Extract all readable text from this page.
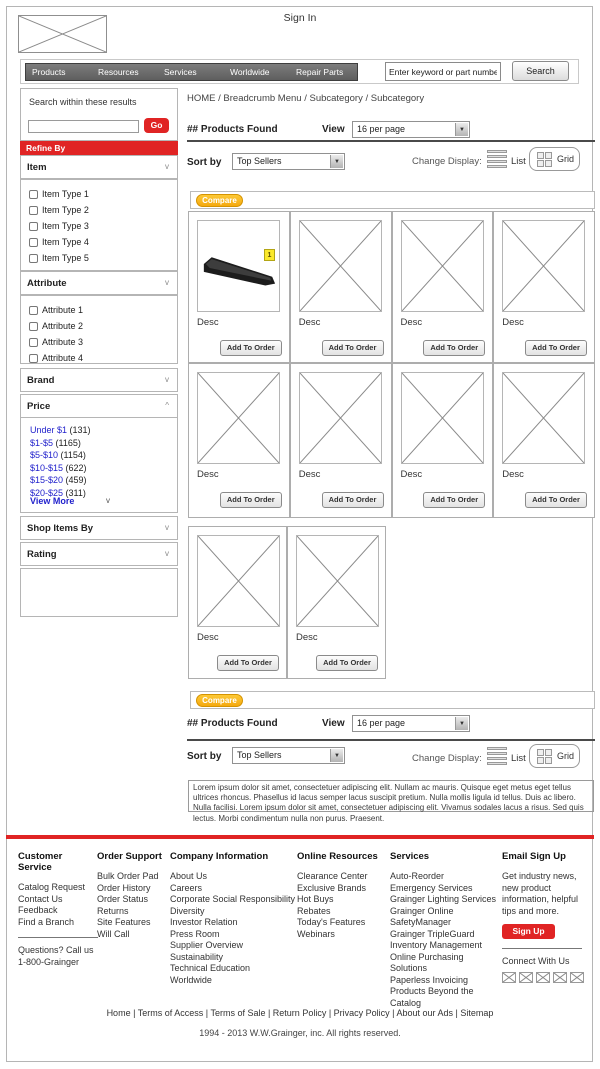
Sign In
Products	Resources	Services	Worldwide	Repair Parts
Enter keyword or part number	Search
Search within these results
Go
Refine By
Item	v
Item Type 1
Item Type 2
Item Type 3
Item Type 4
Item Type 5
Attribute	v
Attribute 1
Attribute 2
Attribute 3
Attribute 4
Brand	v
Price	^
Under $1 (131)
$1-$5 (1165)
$5-$10 (1154)
$10-$15 (622)
$15-$20 (459)
$20-$25 (311)
View More	v
Shop Items By	v
Rating	v
HOME / Breadcrumb Menu / Subcategory / Subcategory
## Products Found	View	16 per page	▼
Sort by	Top Sellers	▼	Change Display:	List	Grid
Compare
1
Desc
Add To Order
Desc
Add To Order
Desc
Add To Order
Desc
Add To Order
Desc
Add To Order
Desc
Add To Order
Desc
Add To Order
Desc
Add To Order
Desc
Add To Order
Desc
Add To Order
Compare
## Products Found	View	16 per page	▼
Sort by	Top Sellers	▼	Change Display:	List	Grid
Lorem ipsum dolor sit amet, consectetuer adipiscing elit. Nullam ac mauris. Quisque eget metus eget tellus ultrices rhoncus. Phasellus id lacus semper lacus suscipit pretium. Nulla mollis ligula id tellus. Duis ac libero. Nulla facilisi. Lorem ipsum dolor sit amet, consectetuer adipiscing elit. Vivamus sodales lacus a risus. Sed quis lectus. Morbi condimentum nulla non purus. Praesent.
Customer Service
Catalog Request
Contact Us
Feedback
Find a Branch
Questions? Call us
1-800-Grainger
Order Support
Bulk Order Pad
Order History
Order Status
Returns
Site Features
Will Call
Company Information
About Us
Careers
Corporate Social Responsibility
Diversity
Investor Relation
Press Room
Supplier Overview
Sustainability
Technical Education
Worldwide
Online Resources
Clearance Center
Exclusive Brands
Hot Buys
Rebates
Today's Features
Webinars
Services
Auto-Reorder
Emergency Services
Grainger Lighting Services
Grainger Online
SafetyManager
Grainger TripleGuard
Inventory Management
Online Purchasing Solutions
Paperless Invoicing
Products Beyond the Catalog
Email Sign Up
Get industry news, new product information, helpful tips and more.
Sign Up
Connect With Us
Home | Terms of Access | Terms of Sale | Return Policy | Privacy Policy | About our Ads | Sitemap
1994 - 2013 W.W.Grainger, inc. All rights reserved.
